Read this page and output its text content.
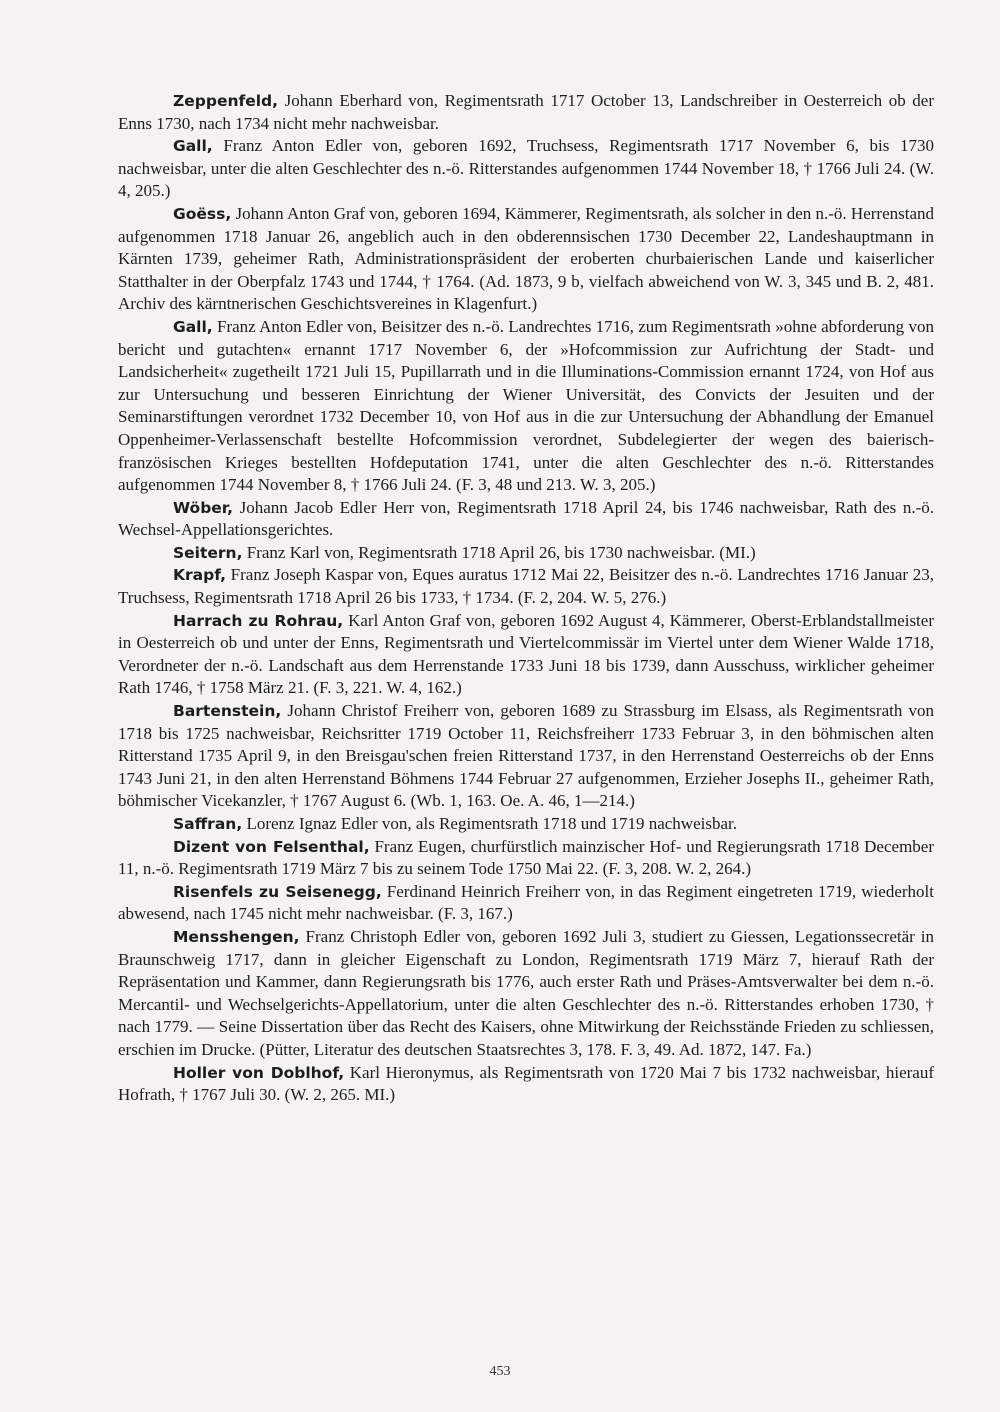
Zeppenfeld, Johann Eberhard von, Regimentsrath 1717 October 13, Landschreiber in Oesterreich ob der Enns 1730, nach 1734 nicht mehr nachweisbar.

Gall, Franz Anton Edler von, geboren 1692, Truchsess, Regimentsrath 1717 November 6, bis 1730 nachweisbar, unter die alten Geschlechter des n.-ö. Ritterstandes aufgenommen 1744 November 18, † 1766 Juli 24. (W. 4, 205.)

Goëss, Johann Anton Graf von, geboren 1694, Kämmerer, Regimentsrath, als solcher in den n.-ö. Herrenstand aufgenommen 1718 Januar 26, angeblich auch in den obderennsischen 1730 December 22, Landeshauptmann in Kärnten 1739, geheimer Rath, Administrationspräsident der eroberten churbaierischen Lande und kaiserlicher Statthalter in der Oberpfalz 1743 und 1744, † 1764. (Ad. 1873, 9 b, vielfach abweichend von W. 3, 345 und B. 2, 481. Archiv des kärntnerischen Geschichtsvereines in Klagenfurt.)

Gall, Franz Anton Edler von, Beisitzer des n.-ö. Landrechtes 1716, zum Regimentsrath »ohne abforderung von bericht und gutachten« ernannt 1717 November 6, der »Hofcommission zur Aufrichtung der Stadt- und Landsicherheit« zugetheilt 1721 Juli 15, Pupillarrath und in die Illuminations-Commission ernannt 1724, von Hof aus zur Untersuchung und besseren Einrichtung der Wiener Universität, des Convicts der Jesuiten und der Seminarstiftungen verordnet 1732 December 10, von Hof aus in die zur Untersuchung der Abhandlung der Emanuel Oppenheimer-Verlassenschaft bestellte Hofcommission verordnet, Subdelegierter der wegen des baierisch-französischen Krieges bestellten Hofdeputation 1741, unter die alten Geschlechter des n.-ö. Ritterstandes aufgenommen 1744 November 8, † 1766 Juli 24. (F. 3, 48 und 213. W. 3, 205.)

Wöber, Johann Jacob Edler Herr von, Regimentsrath 1718 April 24, bis 1746 nachweisbar, Rath des n.-ö. Wechsel-Appellationsgerichtes.

Seitern, Franz Karl von, Regimentsrath 1718 April 26, bis 1730 nachweisbar. (MI.)

Krapf, Franz Joseph Kaspar von, Eques auratus 1712 Mai 22, Beisitzer des n.-ö. Landrechtes 1716 Januar 23, Truchsess, Regimentsrath 1718 April 26 bis 1733, † 1734. (F. 2, 204. W. 5, 276.)

Harrach zu Rohrau, Karl Anton Graf von, geboren 1692 August 4, Kämmerer, Oberst-Erblandstallmeister in Oesterreich ob und unter der Enns, Regimentsrath und Viertelcommissär im Viertel unter dem Wiener Walde 1718, Verordneter der n.-ö. Landschaft aus dem Herrenstande 1733 Juni 18 bis 1739, dann Ausschuss, wirklicher geheimer Rath 1746, † 1758 März 21. (F. 3, 221. W. 4, 162.)

Bartenstein, Johann Christof Freiherr von, geboren 1689 zu Strassburg im Elsass, als Regimentsrath von 1718 bis 1725 nachweisbar, Reichsritter 1719 October 11, Reichsfreiherr 1733 Februar 3, in den böhmischen alten Ritterstand 1735 April 9, in den Breisgau'schen freien Ritterstand 1737, in den Herrenstand Oesterreichs ob der Enns 1743 Juni 21, in den alten Herrenstand Böhmens 1744 Februar 27 aufgenommen, Erzieher Josephs II., geheimer Rath, böhmischer Vicekanzler, † 1767 August 6. (Wb. 1, 163. Oe. A. 46, 1—214.)

Saffran, Lorenz Ignaz Edler von, als Regimentsrath 1718 und 1719 nachweisbar.

Dizent von Felsenthal, Franz Eugen, churfürstlich mainzischer Hof- und Regierungsrath 1718 December 11, n.-ö. Regimentsrath 1719 März 7 bis zu seinem Tode 1750 Mai 22. (F. 3, 208. W. 2, 264.)

Risenfels zu Seisenegg, Ferdinand Heinrich Freiherr von, in das Regiment eingetreten 1719, wiederholt abwesend, nach 1745 nicht mehr nachweisbar. (F. 3, 167.)

Mensshengen, Franz Christoph Edler von, geboren 1692 Juli 3, studiert zu Giessen, Legationssecretär in Braunschweig 1717, dann in gleicher Eigenschaft zu London, Regimentsrath 1719 März 7, hierauf Rath der Repräsentation und Kammer, dann Regierungsrath bis 1776, auch erster Rath und Präses-Amtsverwalter bei dem n.-ö. Mercantil- und Wechselgerichts-Appellatorium, unter die alten Geschlechter des n.-ö. Ritterstandes erhoben 1730, † nach 1779. — Seine Dissertation über das Recht des Kaisers, ohne Mitwirkung der Reichsstände Frieden zu schliessen, erschien im Drucke. (Pütter, Literatur des deutschen Staatsrechtes 3, 178. F. 3, 49. Ad. 1872, 147. Fa.)

Holler von Doblhof, Karl Hieronymus, als Regimentsrath von 1720 Mai 7 bis 1732 nachweisbar, hierauf Hofrath, † 1767 Juli 30. (W. 2, 265. MI.)

453
